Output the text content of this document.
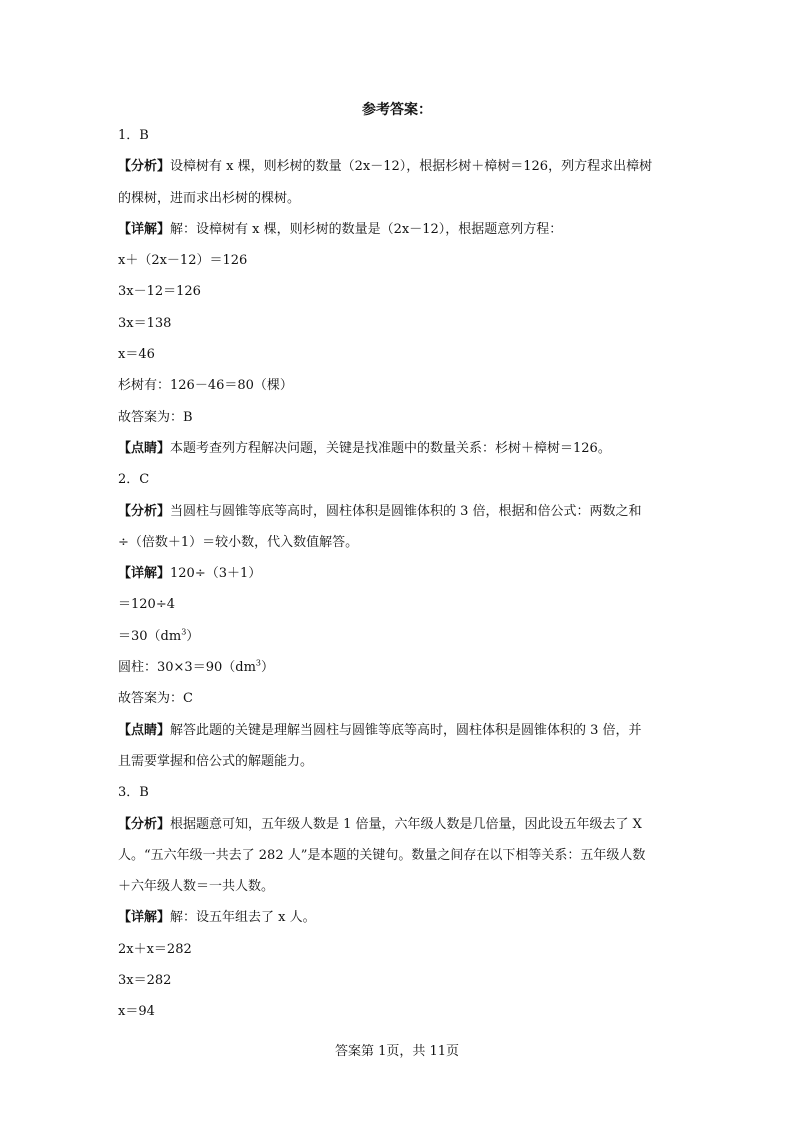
参考答案：
1．B
【分析】设樟树有 x 棵，则杉树的数量（2x－12），根据杉树＋樟树＝126，列方程求出樟树
的棵树，进而求出杉树的棵树。
【详解】解：设樟树有 x 棵，则杉树的数量是（2x－12），根据题意列方程：
x＋（2x－12）＝126
3x－12＝126
3x＝138
x＝46
杉树有：126－46＝80（棵）
故答案为：B
【点睛】本题考查列方程解决问题，关键是找准题中的数量关系：杉树＋樟树＝126。
2．C
【分析】当圆柱与圆锥等底等高时，圆柱体积是圆锥体积的 3 倍，根据和倍公式：两数之和
÷（倍数＋1）＝较小数，代入数值解答。
【详解】120÷（3＋1）
＝120÷4
$=30(dm^3)$
圆柱：$30\times 3=90(dm^3)$
故答案为：C
【点睛】解答此题的关键是理解当圆柱与圆锥等底等高时，圆柱体积是圆锥体积的 3 倍，并
且需要掌握和倍公式的解题能力。
3．B
【分析】根据题意可知，五年级人数是 1 倍量，六年级人数是几倍量，因此设五年级去了 X
人。“五六年级一共去了 282 人”是本题的关键句。数量之间存在以下相等关系：五年级人数
＋六年级人数＝一共人数。
【详解】解：设五年组去了 x 人。
2x＋x＝282
3x＝282
x＝94
答案第 1页，共 11页
